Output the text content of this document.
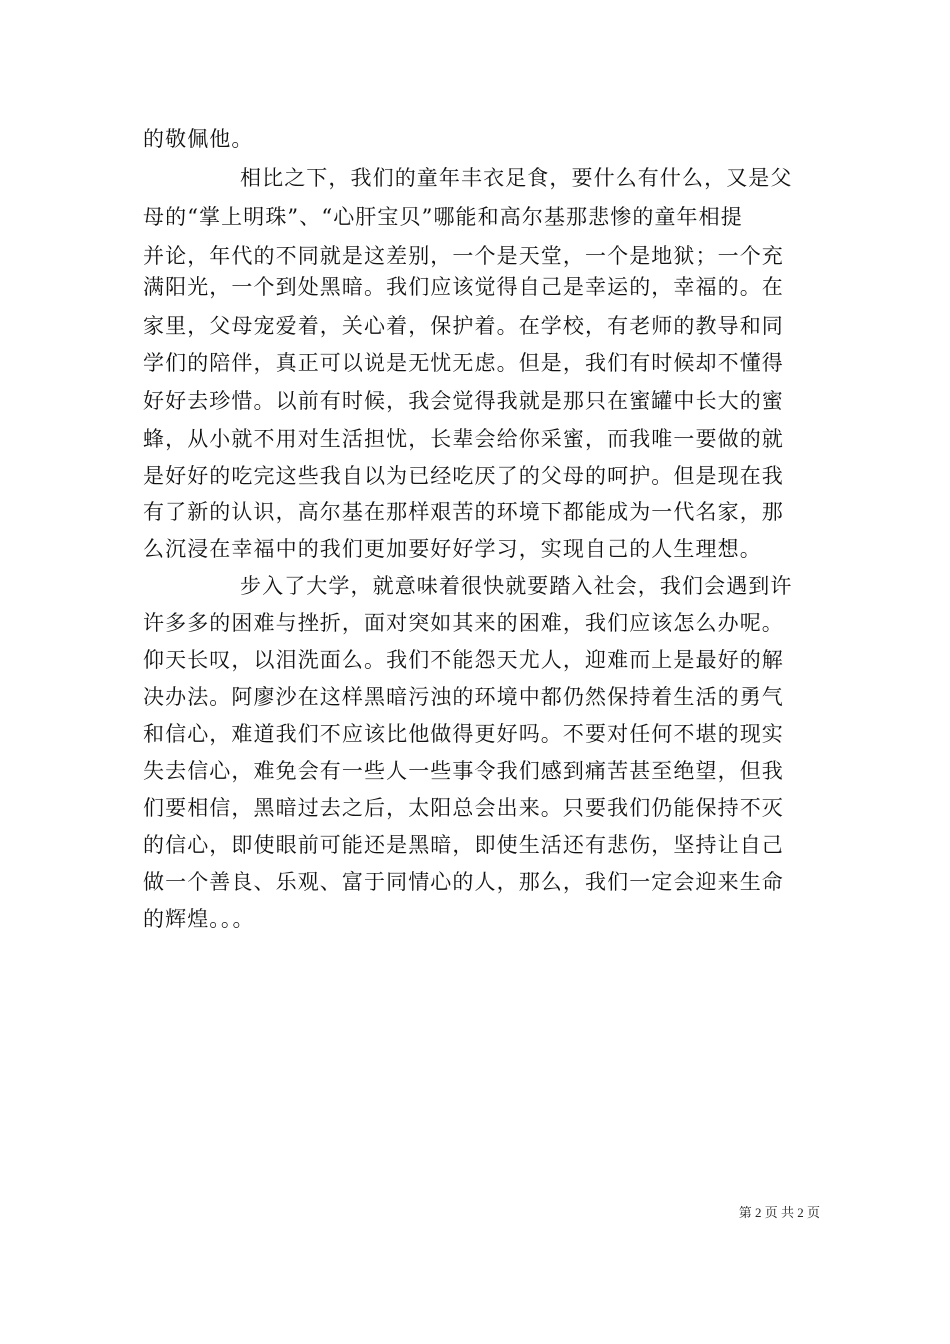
的敬佩他。
相比之下，我们的童年丰衣足食，要什么有什么，又是父
母的“掌上明珠”、“心肝宝贝”哪能和高尔基那悲惨的童年相提
并论，年代的不同就是这差别，一个是天堂，一个是地狱；一个充
满阳光，一个到处黑暗。我们应该觉得自己是幸运的，幸福的。在
家里，父母宠爱着，关心着，保护着。在学校，有老师的教导和同
学们的陪伴，真正可以说是无忧无虑。但是，我们有时候却不懂得
好好去珍惜。以前有时候，我会觉得我就是那只在蜜罐中长大的蜜
蜂，从小就不用对生活担忧，长辈会给你采蜜，而我唯一要做的就
是好好的吃完这些我自以为已经吃厌了的父母的呵护。但是现在我
有了新的认识，高尔基在那样艰苦的环境下都能成为一代名家，那
么沉浸在幸福中的我们更加要好好学习，实现自己的人生理想。
步入了大学，就意味着很快就要踏入社会，我们会遇到许
许多多的困难与挫折，面对突如其来的困难，我们应该怎么办呢。
仰天长叹，以泪洗面么。我们不能怨天尤人，迎难而上是最好的解
决办法。阿廖沙在这样黑暗污浊的环境中都仍然保持着生活的勇气
和信心，难道我们不应该比他做得更好吗。不要对任何不堪的现实
失去信心，难免会有一些人一些事令我们感到痛苦甚至绝望，但我
们要相信，黑暗过去之后，太阳总会出来。只要我们仍能保持不灭
的信心，即使眼前可能还是黑暗，即使生活还有悲伤，坚持让自己
做一个善良、乐观、富于同情心的人，那么，我们一定会迎来生命
的辉煌。。。
第 2 页 共 2 页
